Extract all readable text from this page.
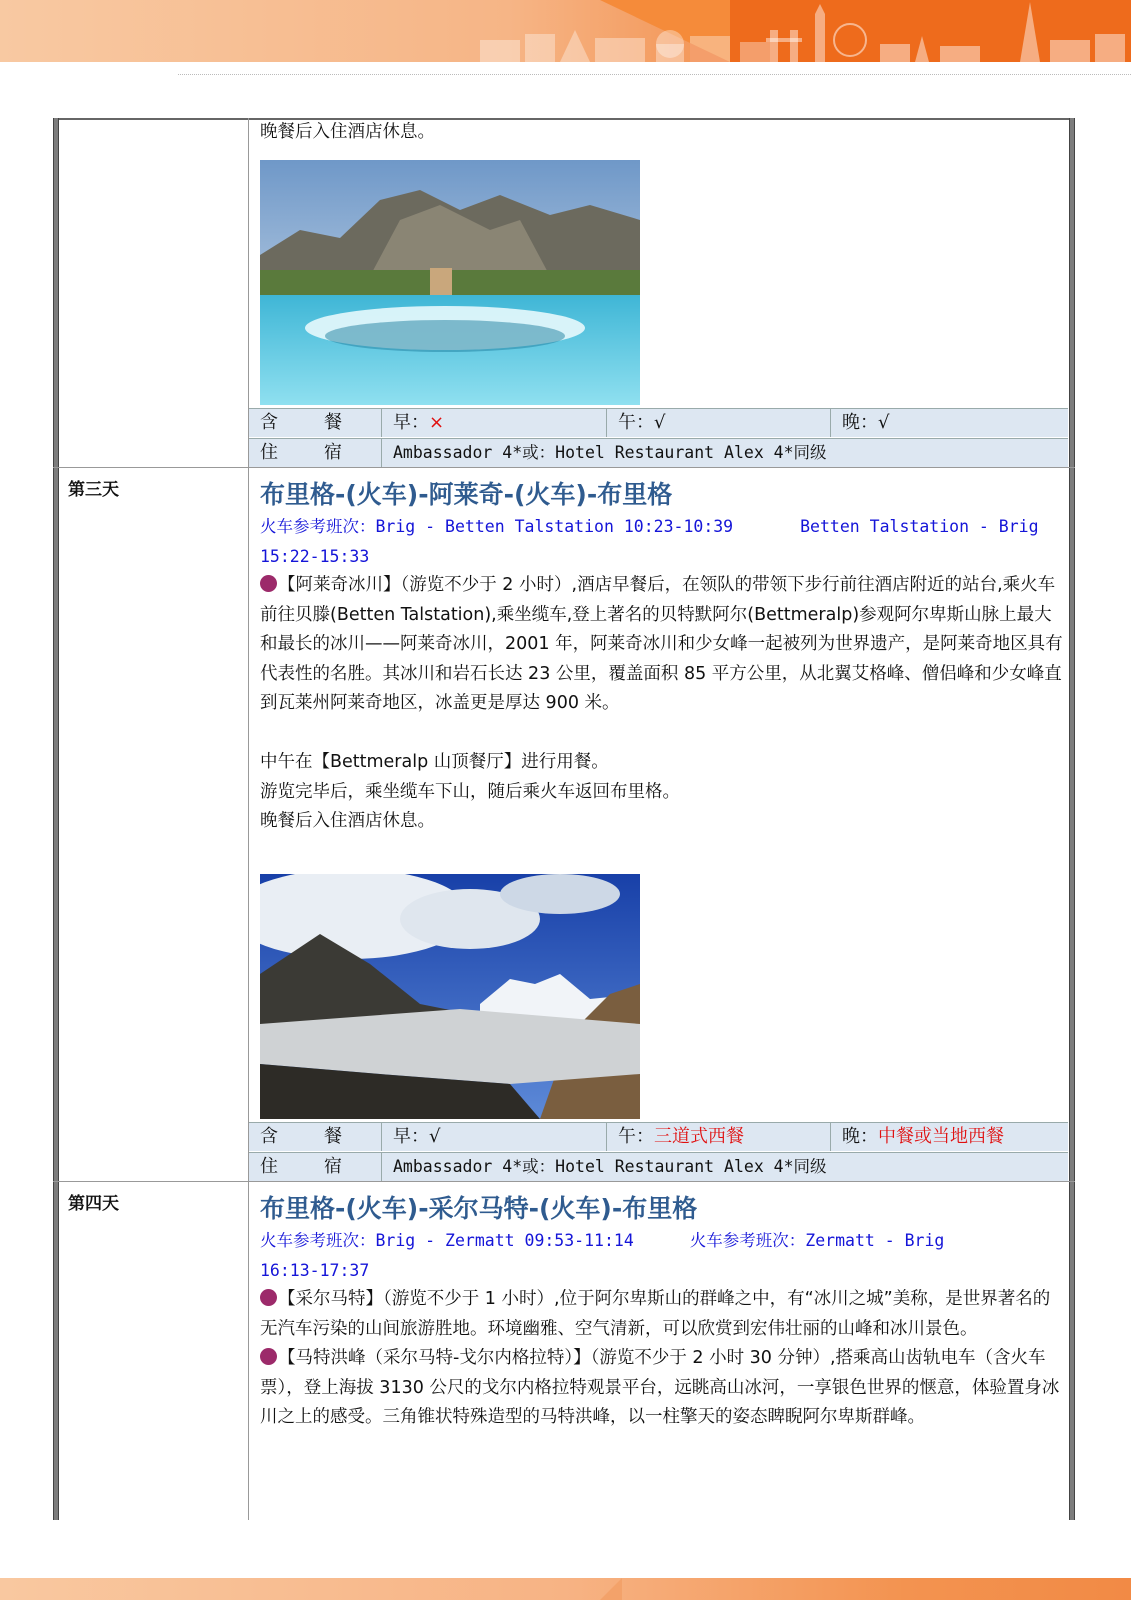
晚餐后入住酒店休息。

含　餐	早：×	午：√	晚：√
住　宿	Ambassador 4*或：Hotel Restaurant Alex 4*同级
第三天	布里格-(火车)-阿莱奇-(火车)-布里格

火车参考班次：Brig - Betten Talstation 10:23-10:39	Betten Talstation - Brig

15:22-15:33

【阿莱奇冰川】（游览不少于 2 小时）,酒店早餐后，在领队的带领下步行前往酒店附近的站台,乘火车前往贝滕(Betten Talstation),乘坐缆车,登上著名的贝特默阿尔(Bettmeralp)参观阿尔卑斯山脉上最大和最长的冰川——阿莱奇冰川，2001 年，阿莱奇冰川和少女峰一起被列为世界遗产，是阿莱奇地区具有代表性的名胜。其冰川和岩石长达 23 公里，覆盖面积 85 平方公里，从北翼艾格峰、僧侣峰和少女峰直到瓦莱州阿莱奇地区，冰盖更是厚达 900 米。

中午在【Bettmeralp 山顶餐厅】进行用餐。

游览完毕后，乘坐缆车下山，随后乘火车返回布里格。

晚餐后入住酒店休息。

含　餐	早：√	午：三道式西餐	晚：中餐或当地西餐
住　宿	Ambassador 4*或：Hotel Restaurant Alex 4*同级
第四天	布里格-(火车)-采尔马特-(火车)-布里格

火车参考班次：Brig - Zermatt 09:53-11:14	火车参考班次：Zermatt - Brig

16:13-17:37

【采尔马特】（游览不少于 1 小时）,位于阿尔卑斯山的群峰之中，有“冰川之城”美称，是世界著名的无汽车污染的山间旅游胜地。环境幽雅、空气清新，可以欣赏到宏伟壮丽的山峰和冰川景色。

【马特洪峰（采尔马特-戈尔内格拉特）】（游览不少于 2 小时 30 分钟）,搭乘高山齿轨电车（含火车票），登上海拔 3130 公尺的戈尔内格拉特观景平台，远眺高山冰河，一享银色世界的惬意，体验置身冰川之上的感受。三角锥状特殊造型的马特洪峰，以一柱擎天的姿态睥睨阿尔卑斯群峰。
